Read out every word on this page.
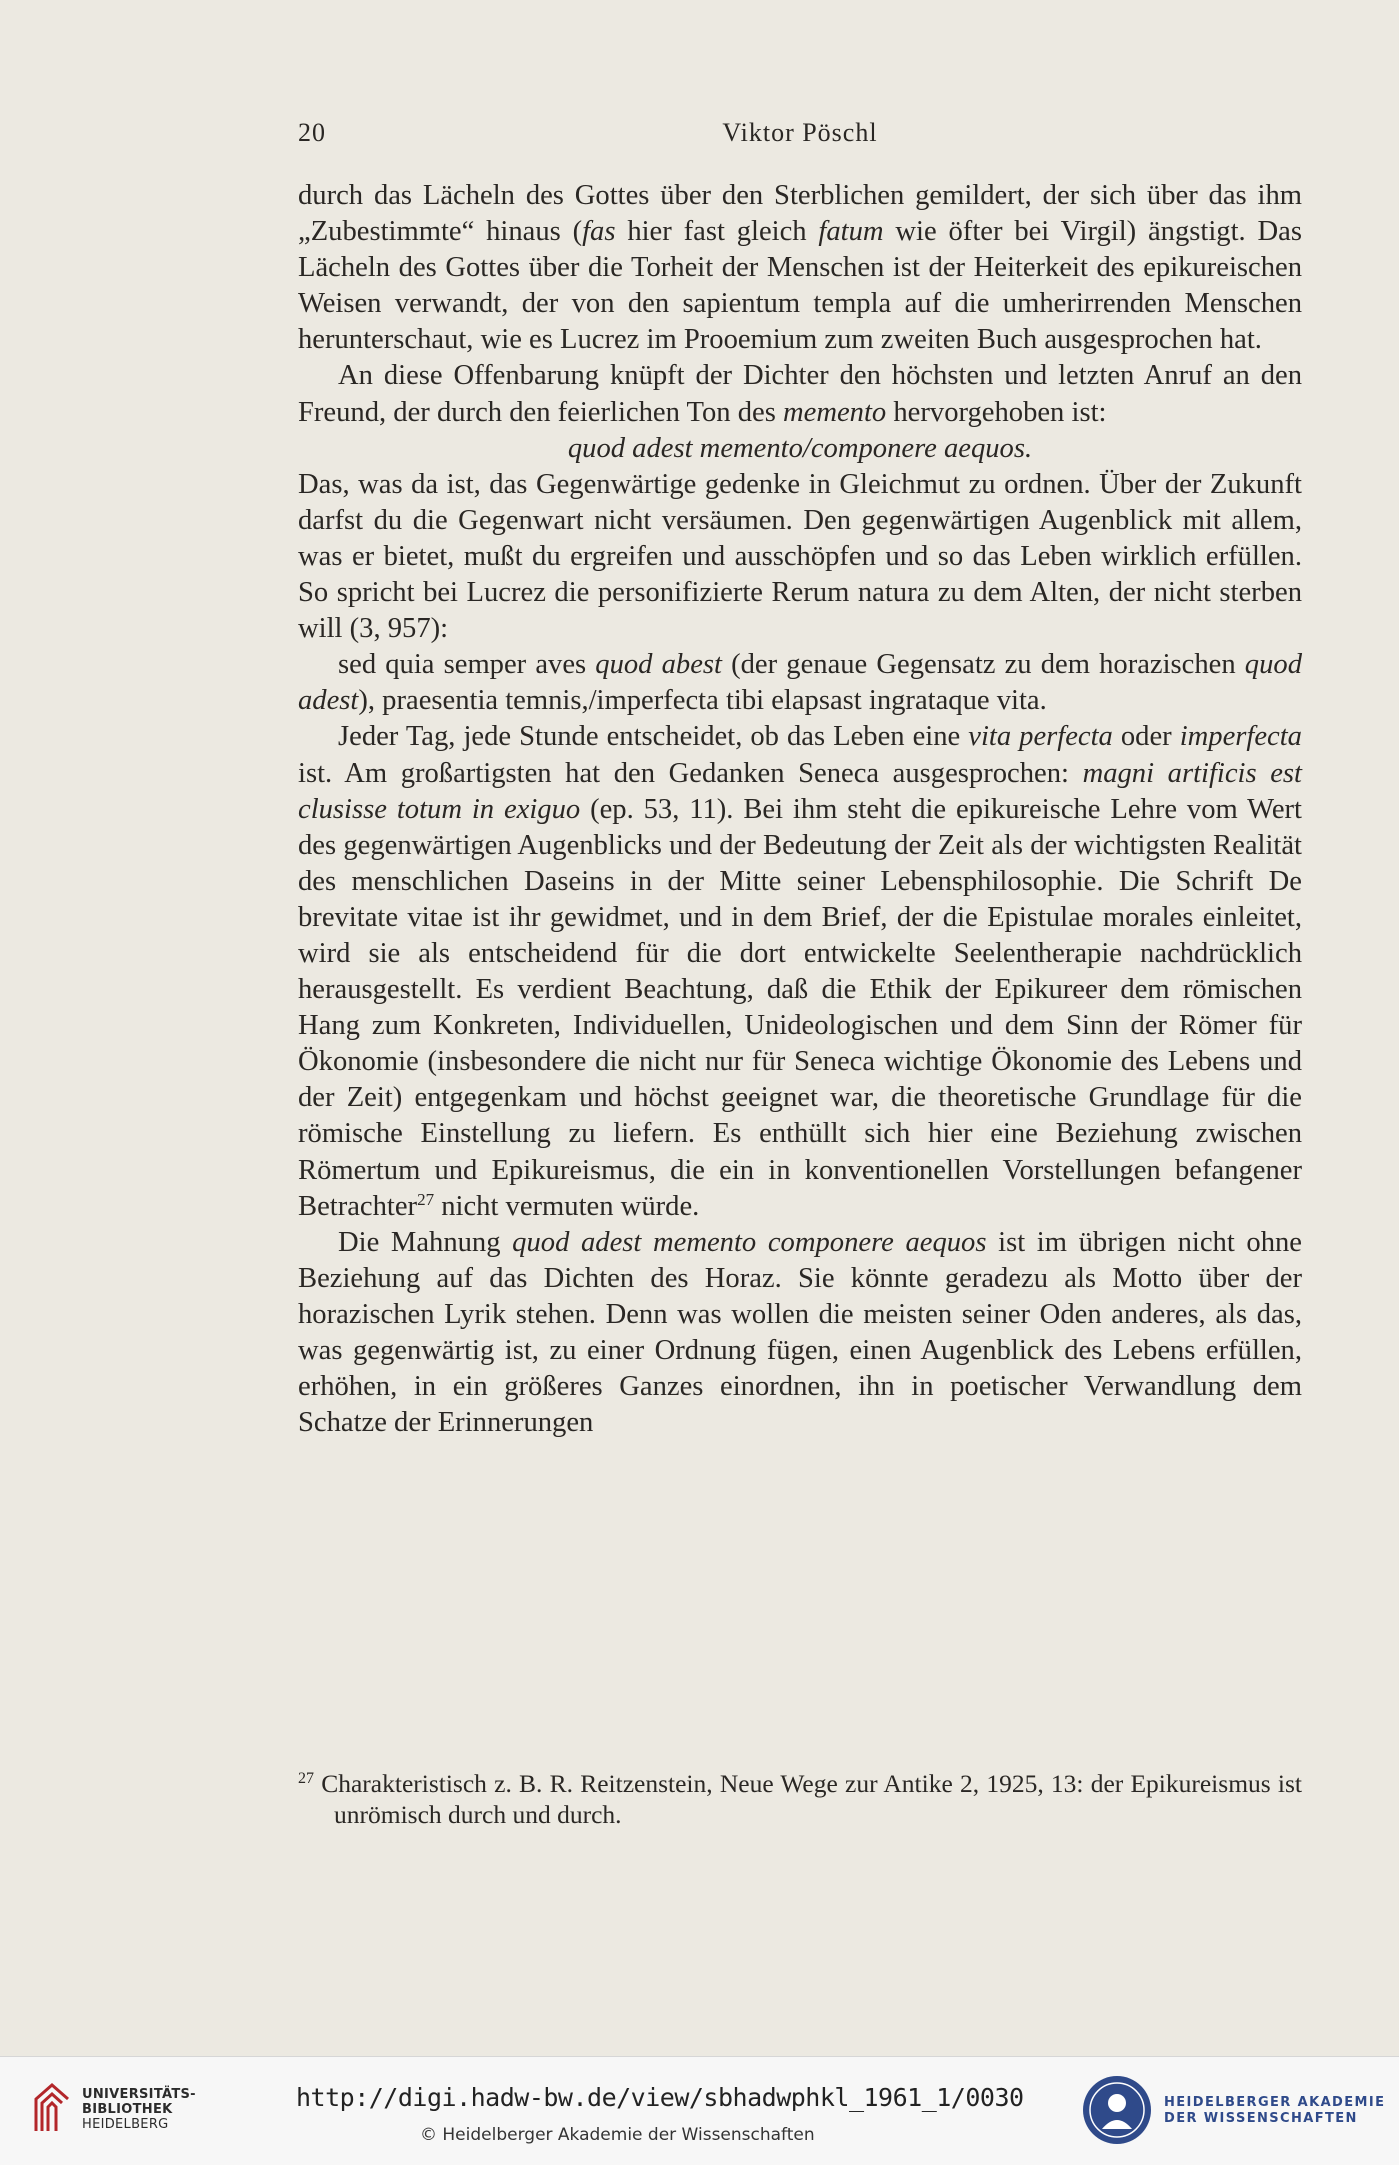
20	Viktor Pöschl

durch das Lächeln des Gottes über den Sterblichen gemildert, der sich über das ihm „Zubestimmte“ hinaus (fas hier fast gleich fatum wie öfter bei Virgil) ängstigt. Das Lächeln des Gottes über die Torheit der Menschen ist der Heiterkeit des epikureischen Weisen verwandt, der von den sapientum templa auf die umherirrenden Menschen herunterschaut, wie es Lucrez im Prooemium zum zweiten Buch ausgesprochen hat.

An diese Offenbarung knüpft der Dichter den höchsten und letzten Anruf an den Freund, der durch den feierlichen Ton des memento hervorgehoben ist:

quod adest memento/componere aequos.

Das, was da ist, das Gegenwärtige gedenke in Gleichmut zu ordnen. Über der Zukunft darfst du die Gegenwart nicht versäumen. Den gegenwärtigen Augenblick mit allem, was er bietet, mußt du ergreifen und ausschöpfen und so das Leben wirklich erfüllen. So spricht bei Lucrez die personifizierte Rerum natura zu dem Alten, der nicht sterben will (3, 957):

sed quia semper aves quod abest (der genaue Gegensatz zu dem horazischen quod adest), praesentia temnis,/imperfecta tibi elapsast ingrataque vita.

Jeder Tag, jede Stunde entscheidet, ob das Leben eine vita perfecta oder imperfecta ist. Am großartigsten hat den Gedanken Seneca ausgesprochen: magni artificis est clusisse totum in exiguo (ep. 53, 11). Bei ihm steht die epikureische Lehre vom Wert des gegenwärtigen Augenblicks und der Bedeutung der Zeit als der wichtigsten Realität des menschlichen Daseins in der Mitte seiner Lebensphilosophie. Die Schrift De brevitate vitae ist ihr gewidmet, und in dem Brief, der die Epistulae morales einleitet, wird sie als entscheidend für die dort entwickelte Seelentherapie nachdrücklich herausgestellt. Es verdient Beachtung, daß die Ethik der Epikureer dem römischen Hang zum Konkreten, Individuellen, Unideologischen und dem Sinn der Römer für Ökonomie (insbesondere die nicht nur für Seneca wichtige Ökonomie des Lebens und der Zeit) entgegenkam und höchst geeignet war, die theoretische Grundlage für die römische Einstellung zu liefern. Es enthüllt sich hier eine Beziehung zwischen Römertum und Epikureismus, die ein in konventionellen Vorstellungen befangener Betrachter$^{27}$ nicht vermuten würde.

Die Mahnung quod adest memento componere aequos ist im übrigen nicht ohne Beziehung auf das Dichten des Horaz. Sie könnte geradezu als Motto über der horazischen Lyrik stehen. Denn was wollen die meisten seiner Oden anderes, als das, was gegenwärtig ist, zu einer Ordnung fügen, einen Augenblick des Lebens erfüllen, erhöhen, in ein größeres Ganzes einordnen, ihn in poetischer Verwandlung dem Schatze der Erinnerungen

$^{27}$ Charakteristisch z. B. R. Reitzenstein, Neue Wege zur Antike 2, 1925, 13: der Epikureismus ist unrömisch durch und durch.
UNIVERSITÄTS-
BIBLIOTHEK
HEIDELBERG
http://digi.hadw-bw.de/view/sbhadwphkl_1961_1/0030
© Heidelberger Akademie der Wissenschaften
HEIDELBERGER AKADEMIE
DER WISSENSCHAFTEN
